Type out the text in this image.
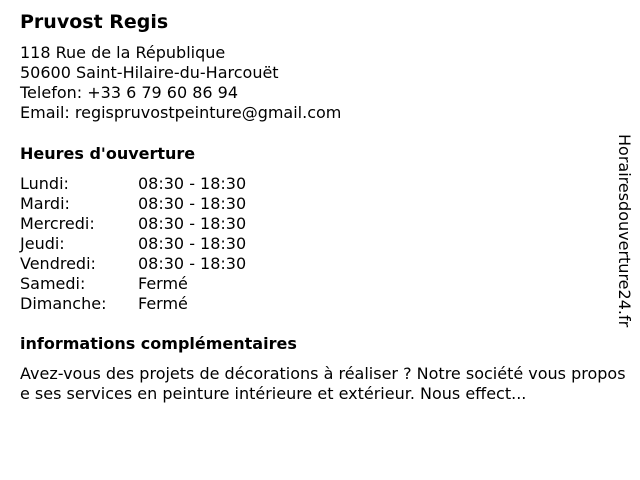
Pruvost Regis
118 Rue de la République
50600 Saint-Hilaire-du-Harcouët
Telefon: +33 6 79 60 86 94
Email: regispruvostpeinture@gmail.com
Heures d'ouverture
Lundi:	08:30 - 18:30
Mardi:	08:30 - 18:30
Mercredi:	08:30 - 18:30
Jeudi:	08:30 - 18:30
Vendredi:	08:30 - 18:30
Samedi:	Fermé
Dimanche: Fermé
informations complémentaires
Avez-vous des projets de décorations à réaliser ? Notre société vous propose ses services en peinture intérieure et extérieur. Nous effect...
Horairesdouverture24.fr
